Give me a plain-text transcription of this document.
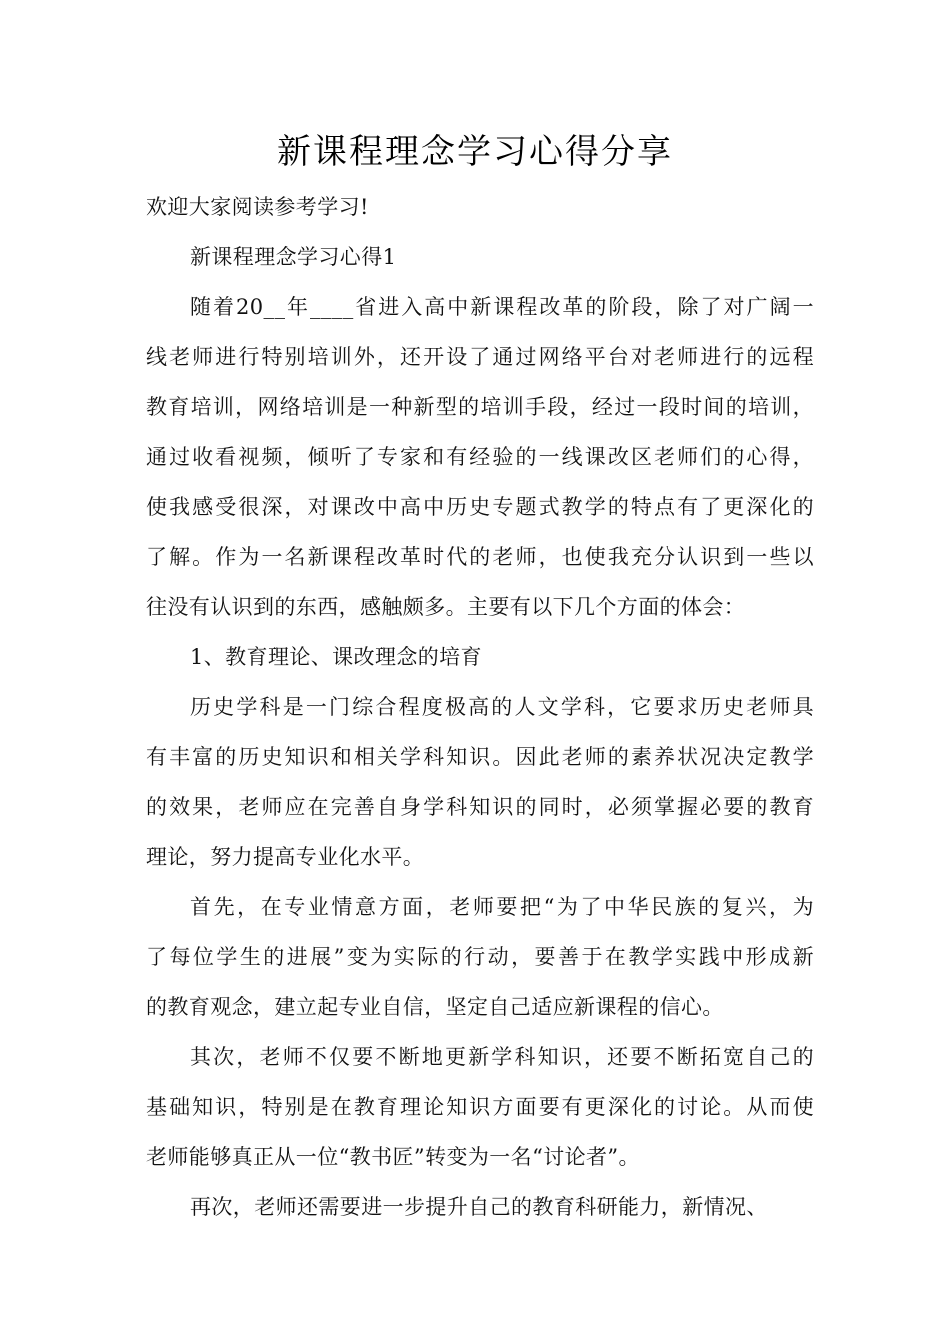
新课程理念学习心得分享
欢迎大家阅读参考学习!
新课程理念学习心得1
随着20__年____省进入高中新课程改革的阶段，除了对广阔一
线老师进行特别培训外，还开设了通过网络平台对老师进行的远程
教育培训，网络培训是一种新型的培训手段，经过一段时间的培训，
通过收看视频，倾听了专家和有经验的一线课改区老师们的心得，
使我感受很深，对课改中高中历史专题式教学的特点有了更深化的
了解。作为一名新课程改革时代的老师，也使我充分认识到一些以
往没有认识到的东西，感触颇多。主要有以下几个方面的体会：
1、教育理论、课改理念的培育
历史学科是一门综合程度极高的人文学科，它要求历史老师具
有丰富的历史知识和相关学科知识。因此老师的素养状况决定教学
的效果，老师应在完善自身学科知识的同时，必须掌握必要的教育
理论，努力提高专业化水平。
首先，在专业情意方面，老师要把“为了中华民族的复兴，为
了每位学生的进展”变为实际的行动，要善于在教学实践中形成新
的教育观念，建立起专业自信，坚定自己适应新课程的信心。
其次，老师不仅要不断地更新学科知识，还要不断拓宽自己的
基础知识，特别是在教育理论知识方面要有更深化的讨论。从而使
老师能够真正从一位“教书匠”转变为一名“讨论者”。
再次，老师还需要进一步提升自己的教育科研能力，新情况、
